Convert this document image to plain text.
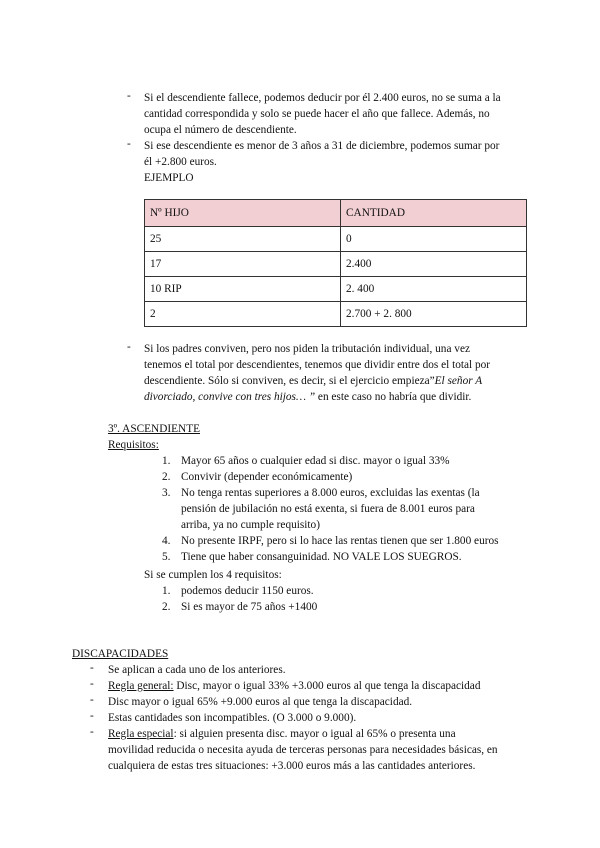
- Si el descendiente fallece, podemos deducir por él 2.400 euros, no se suma a la
cantidad correspondida y solo se puede hacer el año que fallece. Además, no
ocupa el número de descendiente.
- Si ese descendiente es menor de 3 años a 31 de diciembre, podemos sumar por
él +2.800 euros.
EJEMPLO
Nº HIJO	CANTIDAD
25	0
17	2.400
10 RIP	2. 400
2	2.700 + 2. 800
- Si los padres conviven, pero nos piden la tributación individual, una vez
tenemos el total por descendientes, tenemos que dividir entre dos el total por
descendiente. Sólo si conviven, es decir, si el ejercicio empieza”El señor A
divorciado, convive con tres hijos… ” en este caso no habría que dividir.
3º. ASCENDIENTE
Requisitos:
1. Mayor 65 años o cualquier edad si disc. mayor o igual 33%
2. Convivir (depender económicamente)
3. No tenga rentas superiores a 8.000 euros, excluidas las exentas (la
pensión de jubilación no está exenta, si fuera de 8.001 euros para
arriba, ya no cumple requisito)
4. No presente IRPF, pero si lo hace las rentas tienen que ser 1.800 euros
5. Tiene que haber consanguinidad. NO VALE LOS SUEGROS.
Si se cumplen los 4 requisitos:
1. podemos deducir 1150 euros.
2. Si es mayor de 75 años +1400
DISCAPACIDADES
- Se aplican a cada uno de los anteriores.
- Regla general: Disc, mayor o igual 33% +3.000 euros al que tenga la discapacidad
- Disc mayor o igual 65% +9.000 euros al que tenga la discapacidad.
- Estas cantidades son incompatibles. (O 3.000 o 9.000).
- Regla especial: si alguien presenta disc. mayor o igual al 65% o presenta una
movilidad reducida o necesita ayuda de terceras personas para necesidades básicas, en
cualquiera de estas tres situaciones: +3.000 euros más a las cantidades anteriores.
